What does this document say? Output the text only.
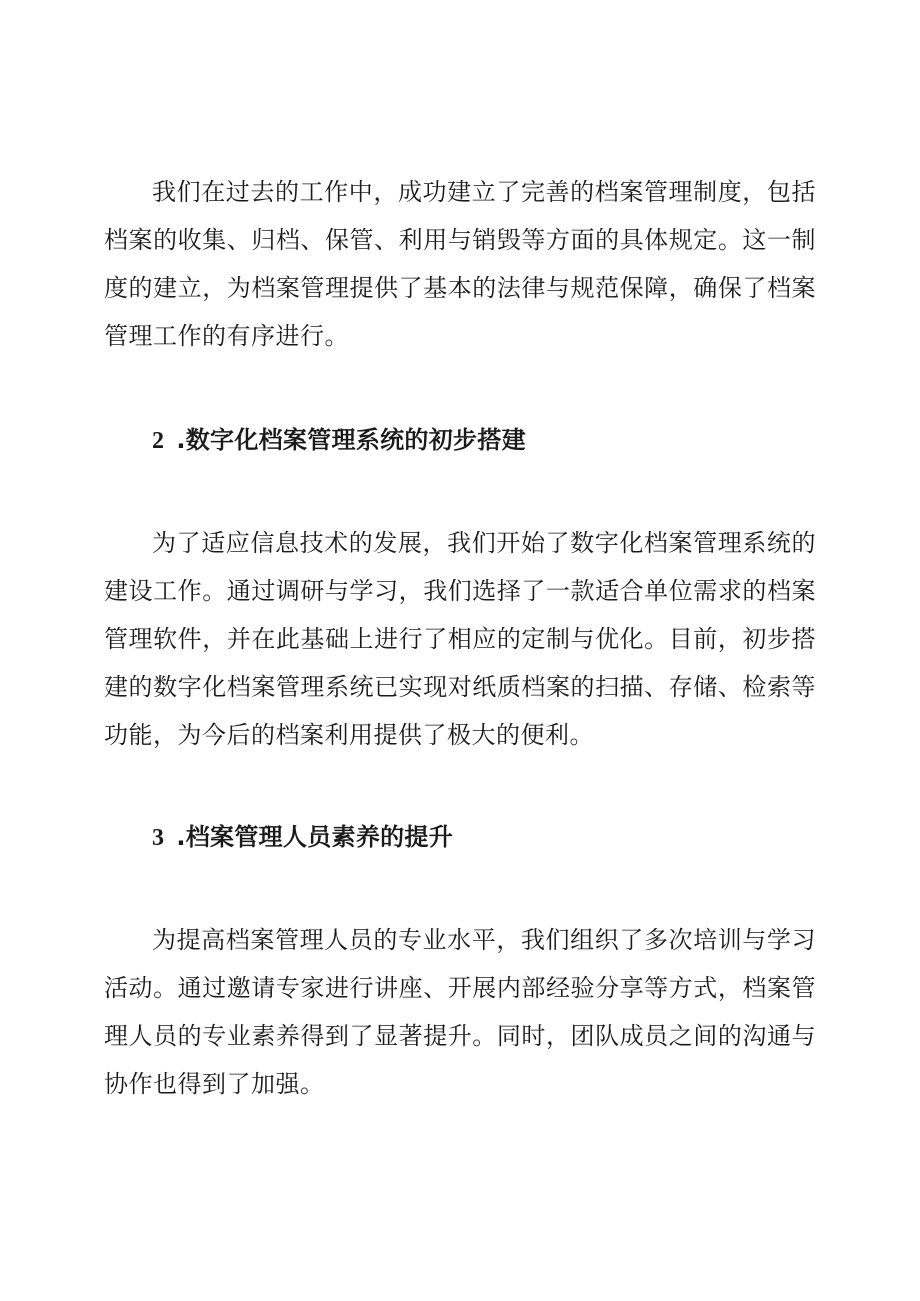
我们在过去的工作中，成功建立了完善的档案管理制度，包括档案的收集、归档、保管、利用与销毁等方面的具体规定。这一制度的建立，为档案管理提供了基本的法律与规范保障，确保了档案管理工作的有序进行。

2 .数字化档案管理系统的初步搭建

为了适应信息技术的发展，我们开始了数字化档案管理系统的建设工作。通过调研与学习，我们选择了一款适合单位需求的档案管理软件，并在此基础上进行了相应的定制与优化。目前，初步搭建的数字化档案管理系统已实现对纸质档案的扫描、存储、检索等功能，为今后的档案利用提供了极大的便利。

3 .档案管理人员素养的提升

为提高档案管理人员的专业水平，我们组织了多次培训与学习活动。通过邀请专家进行讲座、开展内部经验分享等方式，档案管理人员的专业素养得到了显著提升。同时，团队成员之间的沟通与协作也得到了加强。
